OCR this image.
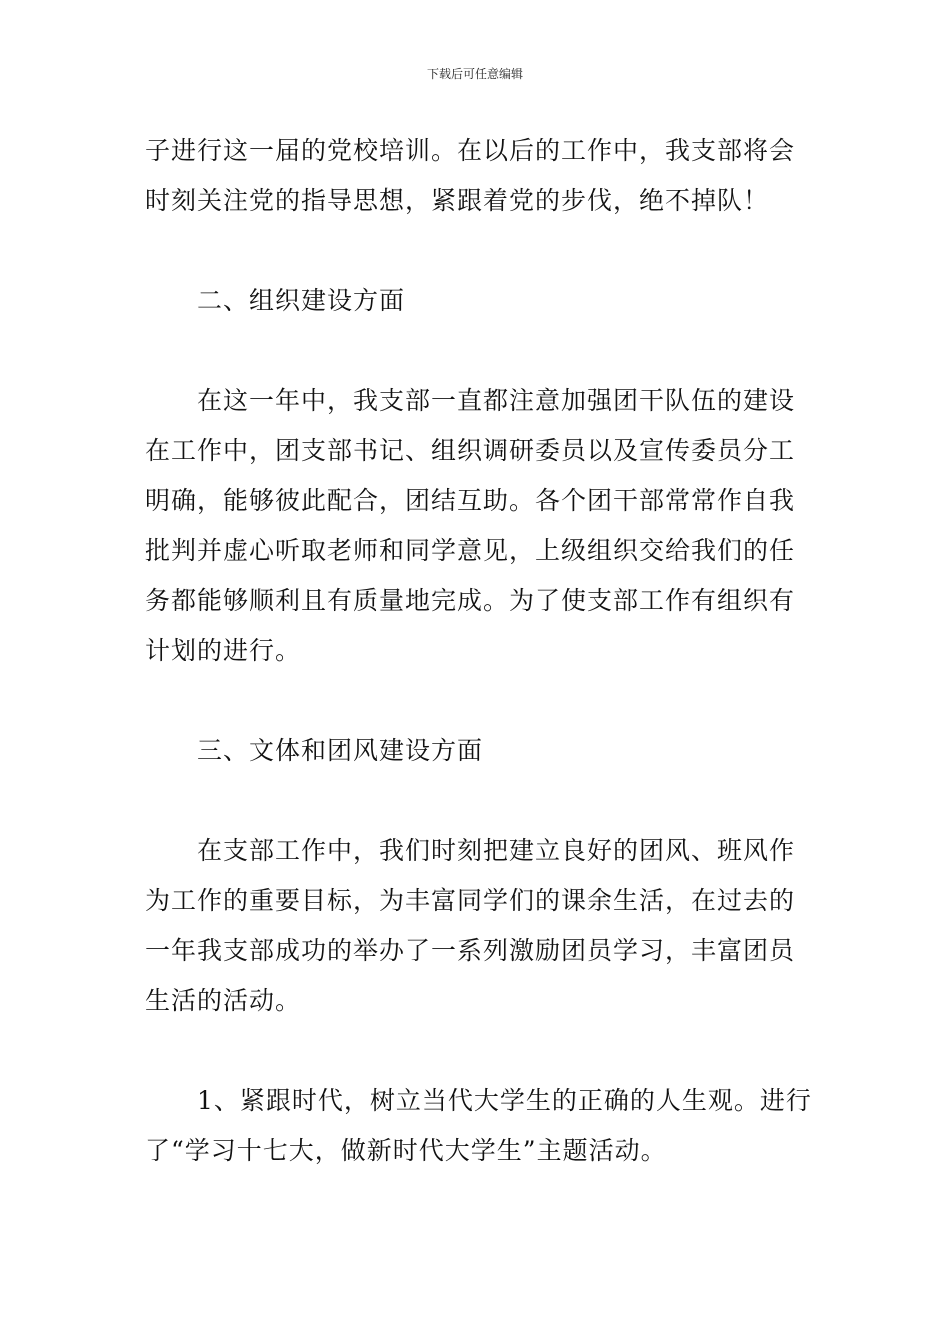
下载后可任意编辑
子进行这一届的党校培训。在以后的工作中，我支部将会
时刻关注党的指导思想，紧跟着党的步伐，绝不掉队！
二、组织建设方面
在这一年中，我支部一直都注意加强团干队伍的建设
在工作中，团支部书记、组织调研委员以及宣传委员分工
明确，能够彼此配合，团结互助。各个团干部常常作自我
批判并虚心听取老师和同学意见，上级组织交给我们的任
务都能够顺利且有质量地完成。为了使支部工作有组织有
计划的进行。
三、文体和团风建设方面
在支部工作中，我们时刻把建立良好的团风、班风作
为工作的重要目标，为丰富同学们的课余生活，在过去的
一年我支部成功的举办了一系列激励团员学习，丰富团员
生活的活动。
1、紧跟时代，树立当代大学生的正确的人生观。进行
了“学习十七大，做新时代大学生”主题活动。
